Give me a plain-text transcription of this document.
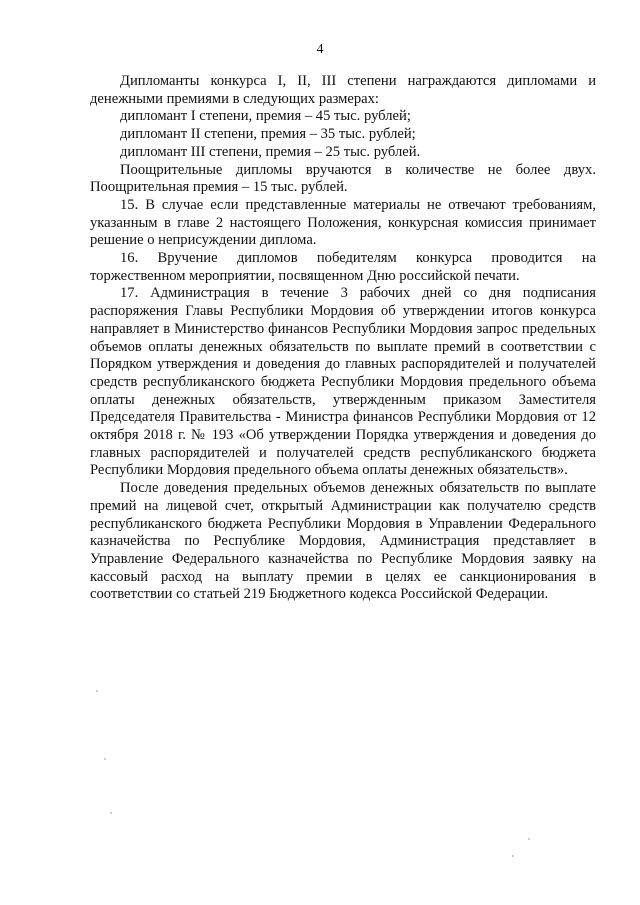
4

Дипломанты конкурса I, II, III степени награждаются дипломами и денежными премиями в следующих размерах:

дипломант I степени, премия – 45 тыс. рублей;

дипломант II степени, премия – 35 тыс. рублей;

дипломант III степени, премия – 25 тыс. рублей.

Поощрительные дипломы вручаются в количестве не более двух. Поощрительная премия – 15 тыс. рублей.

15. В случае если представленные материалы не отвечают требованиям, указанным в главе 2 настоящего Положения, конкурсная комиссия принимает решение о неприсуждении диплома.

16. Вручение дипломов победителям конкурса проводится на торжественном мероприятии, посвященном Дню российской печати.

17. Администрация в течение 3 рабочих дней со дня подписания распоряжения Главы Республики Мордовия об утверждении итогов конкурса направляет в Министерство финансов Республики Мордовия запрос предельных объемов оплаты денежных обязательств по выплате премий в соответствии с Порядком утверждения и доведения до главных распорядителей и получателей средств республиканского бюджета Республики Мордовия предельного объема оплаты денежных обязательств, утвержденным приказом Заместителя Председателя Правительства - Министра финансов Республики Мордовия от 12 октября 2018 г. № 193 «Об утверждении Порядка утверждения и доведения до главных распорядителей и получателей средств республиканского бюджета Республики Мордовия предельного объема оплаты денежных обязательств».

После доведения предельных объемов денежных обязательств по выплате премий на лицевой счет, открытый Администрации как получателю средств республиканского бюджета Республики Мордовия в Управлении Федерального казначейства по Республике Мордовия, Администрация представляет в Управление Федерального казначейства по Республике Мордовия заявку на кассовый расход на выплату премии в целях ее санкционирования в соответствии со статьей 219 Бюджетного кодекса Российской Федерации.
